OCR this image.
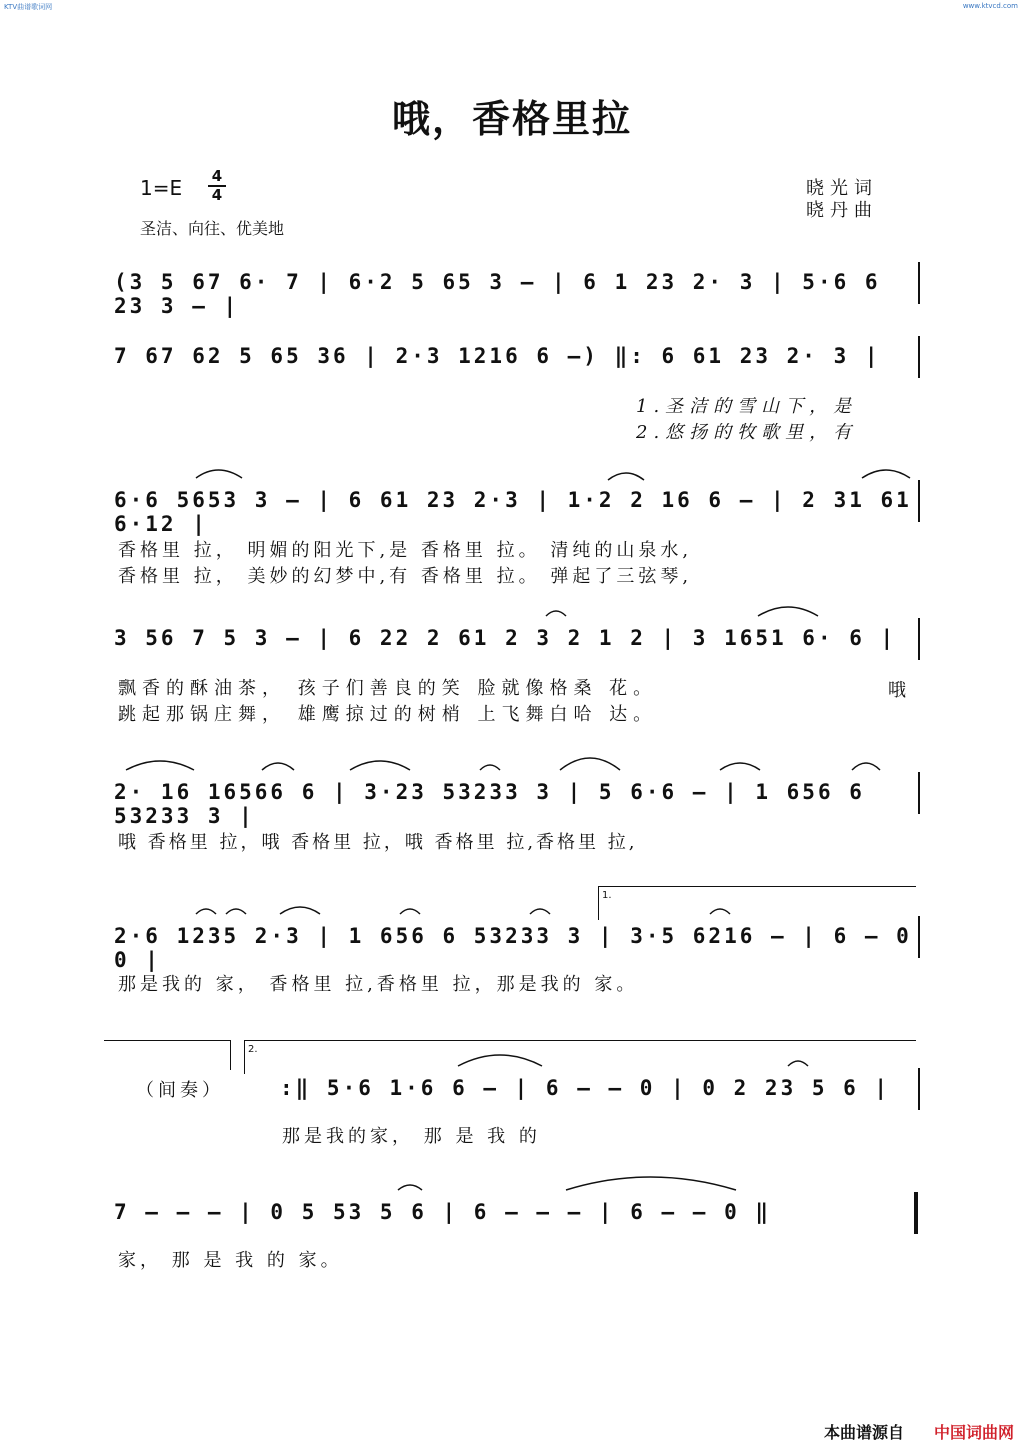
KTV曲谱歌词网	www.ktvcd.com
哦，香格里拉
1=E	4
4
圣洁、向往、优美地
晓光词
晓丹曲
(3 5 67 6· 7 | 6·2 5 65 3 – | 6 1 23 2· 3 | 5·6 6 23 3 – |
7 67 62 5 65 36 | 2·3 1216 6 –) ‖: 6 61 23 2· 3 |
6·6 5653 3 – | 6 61 23 2·3 | 1·2 2 16 6 – | 2 31 61 6·12 |
3 56 7 5 3 – | 6 22 2 61 2 3 2 1 2 | 3 1651 6· 6 |
2· 16 16566 6 | 3·23 53233 3 | 5 6·6 – | 1 656 6 53233 3 |
2·6 1235 2·3 | 1 656 6 53233 3 | 3·5 6216 – | 6 – 0 0 |
:‖ 5·6 1·6 6 – | 6 – – 0 | 0 2 23 5 6 |
7 – – – | 0 5 53 5 6 | 6 – – – | 6 – – 0 ‖
1.圣洁的雪山下，是
2.悠扬的牧歌里，有
香格里 拉， 明媚的阳光下,是 香格里 拉。 清纯的山泉水,
香格里 拉， 美妙的幻梦中,有 香格里 拉。 弹起了三弦琴,
飘香的酥油茶， 孩子们善良的笑 脸就像格桑 花。
跳起那锅庄舞， 雄鹰掠过的树梢 上飞舞白哈 达。
哦
哦 香格里 拉，哦 香格里 拉，哦 香格里 拉,香格里 拉,
那是我的 家， 香格里 拉,香格里 拉，那是我的 家。
那是我的家， 那 是 我 的
家， 那 是 我 的 家。
1.
2.
（间奏）
本曲谱源自 中国词曲网
